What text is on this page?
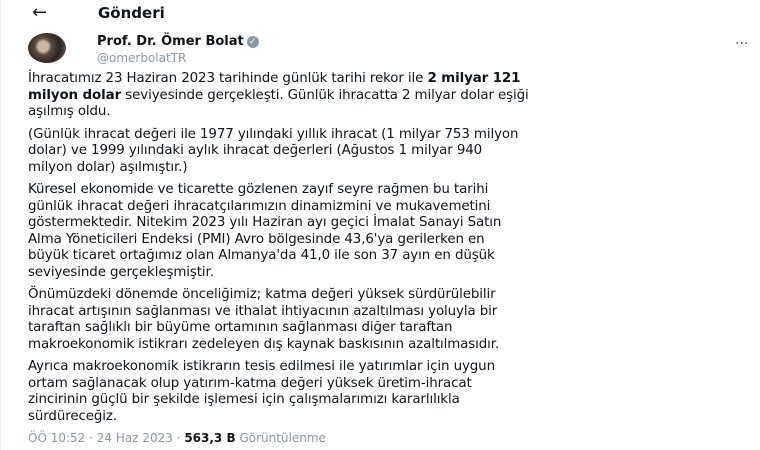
←	Gönderi
Prof. Dr. Ömer Bolat ✓
@omerbolatTR
···
İhracatımız 23 Haziran 2023 tarihinde günlük tarihi rekor ile 2 milyar 121
milyon dolar seviyesinde gerçekleşti. Günlük ihracatta 2 milyar dolar eşiği
aşılmış oldu.
(Günlük ihracat değeri ile 1977 yılındaki yıllık ihracat (1 milyar 753 milyon
dolar) ve 1999 yılındaki aylık ihracat değerleri (Ağustos 1 milyar 940
milyon dolar) aşılmıştır.)
Küresel ekonomide ve ticarette gözlenen zayıf seyre rağmen bu tarihi
günlük ihracat değeri ihracatçılarımızın dinamizmini ve mukavemetini
göstermektedir. Nitekim 2023 yılı Haziran ayı geçici İmalat Sanayi Satın
Alma Yöneticileri Endeksi (PMI) Avro bölgesinde 43,6'ya gerilerken en
büyük ticaret ortağımız olan Almanya'da 41,0 ile son 37 ayın en düşük
seviyesinde gerçekleşmiştir.
Önümüzdeki dönemde önceliğimiz; katma değeri yüksek sürdürülebilir
ihracat artışının sağlanması ve ithalat ihtiyacının azaltılması yoluyla bir
taraftan sağlıklı bir büyüme ortamının sağlanması diğer taraftan
makroekonomik istikrarı zedeleyen dış kaynak baskısının azaltılmasıdır.
Ayrıca makroekonomik istikrarın tesis edilmesi ile yatırımlar için uygun
ortam sağlanacak olup yatırım-katma değeri yüksek üretim-ihracat
zincirinin güçlü bir şekilde işlemesi için çalışmalarımızı kararlılıkla
sürdüreceğiz.
ÖÖ 10:52 · 24 Haz 2023 · 563,3 B Görüntülenme
